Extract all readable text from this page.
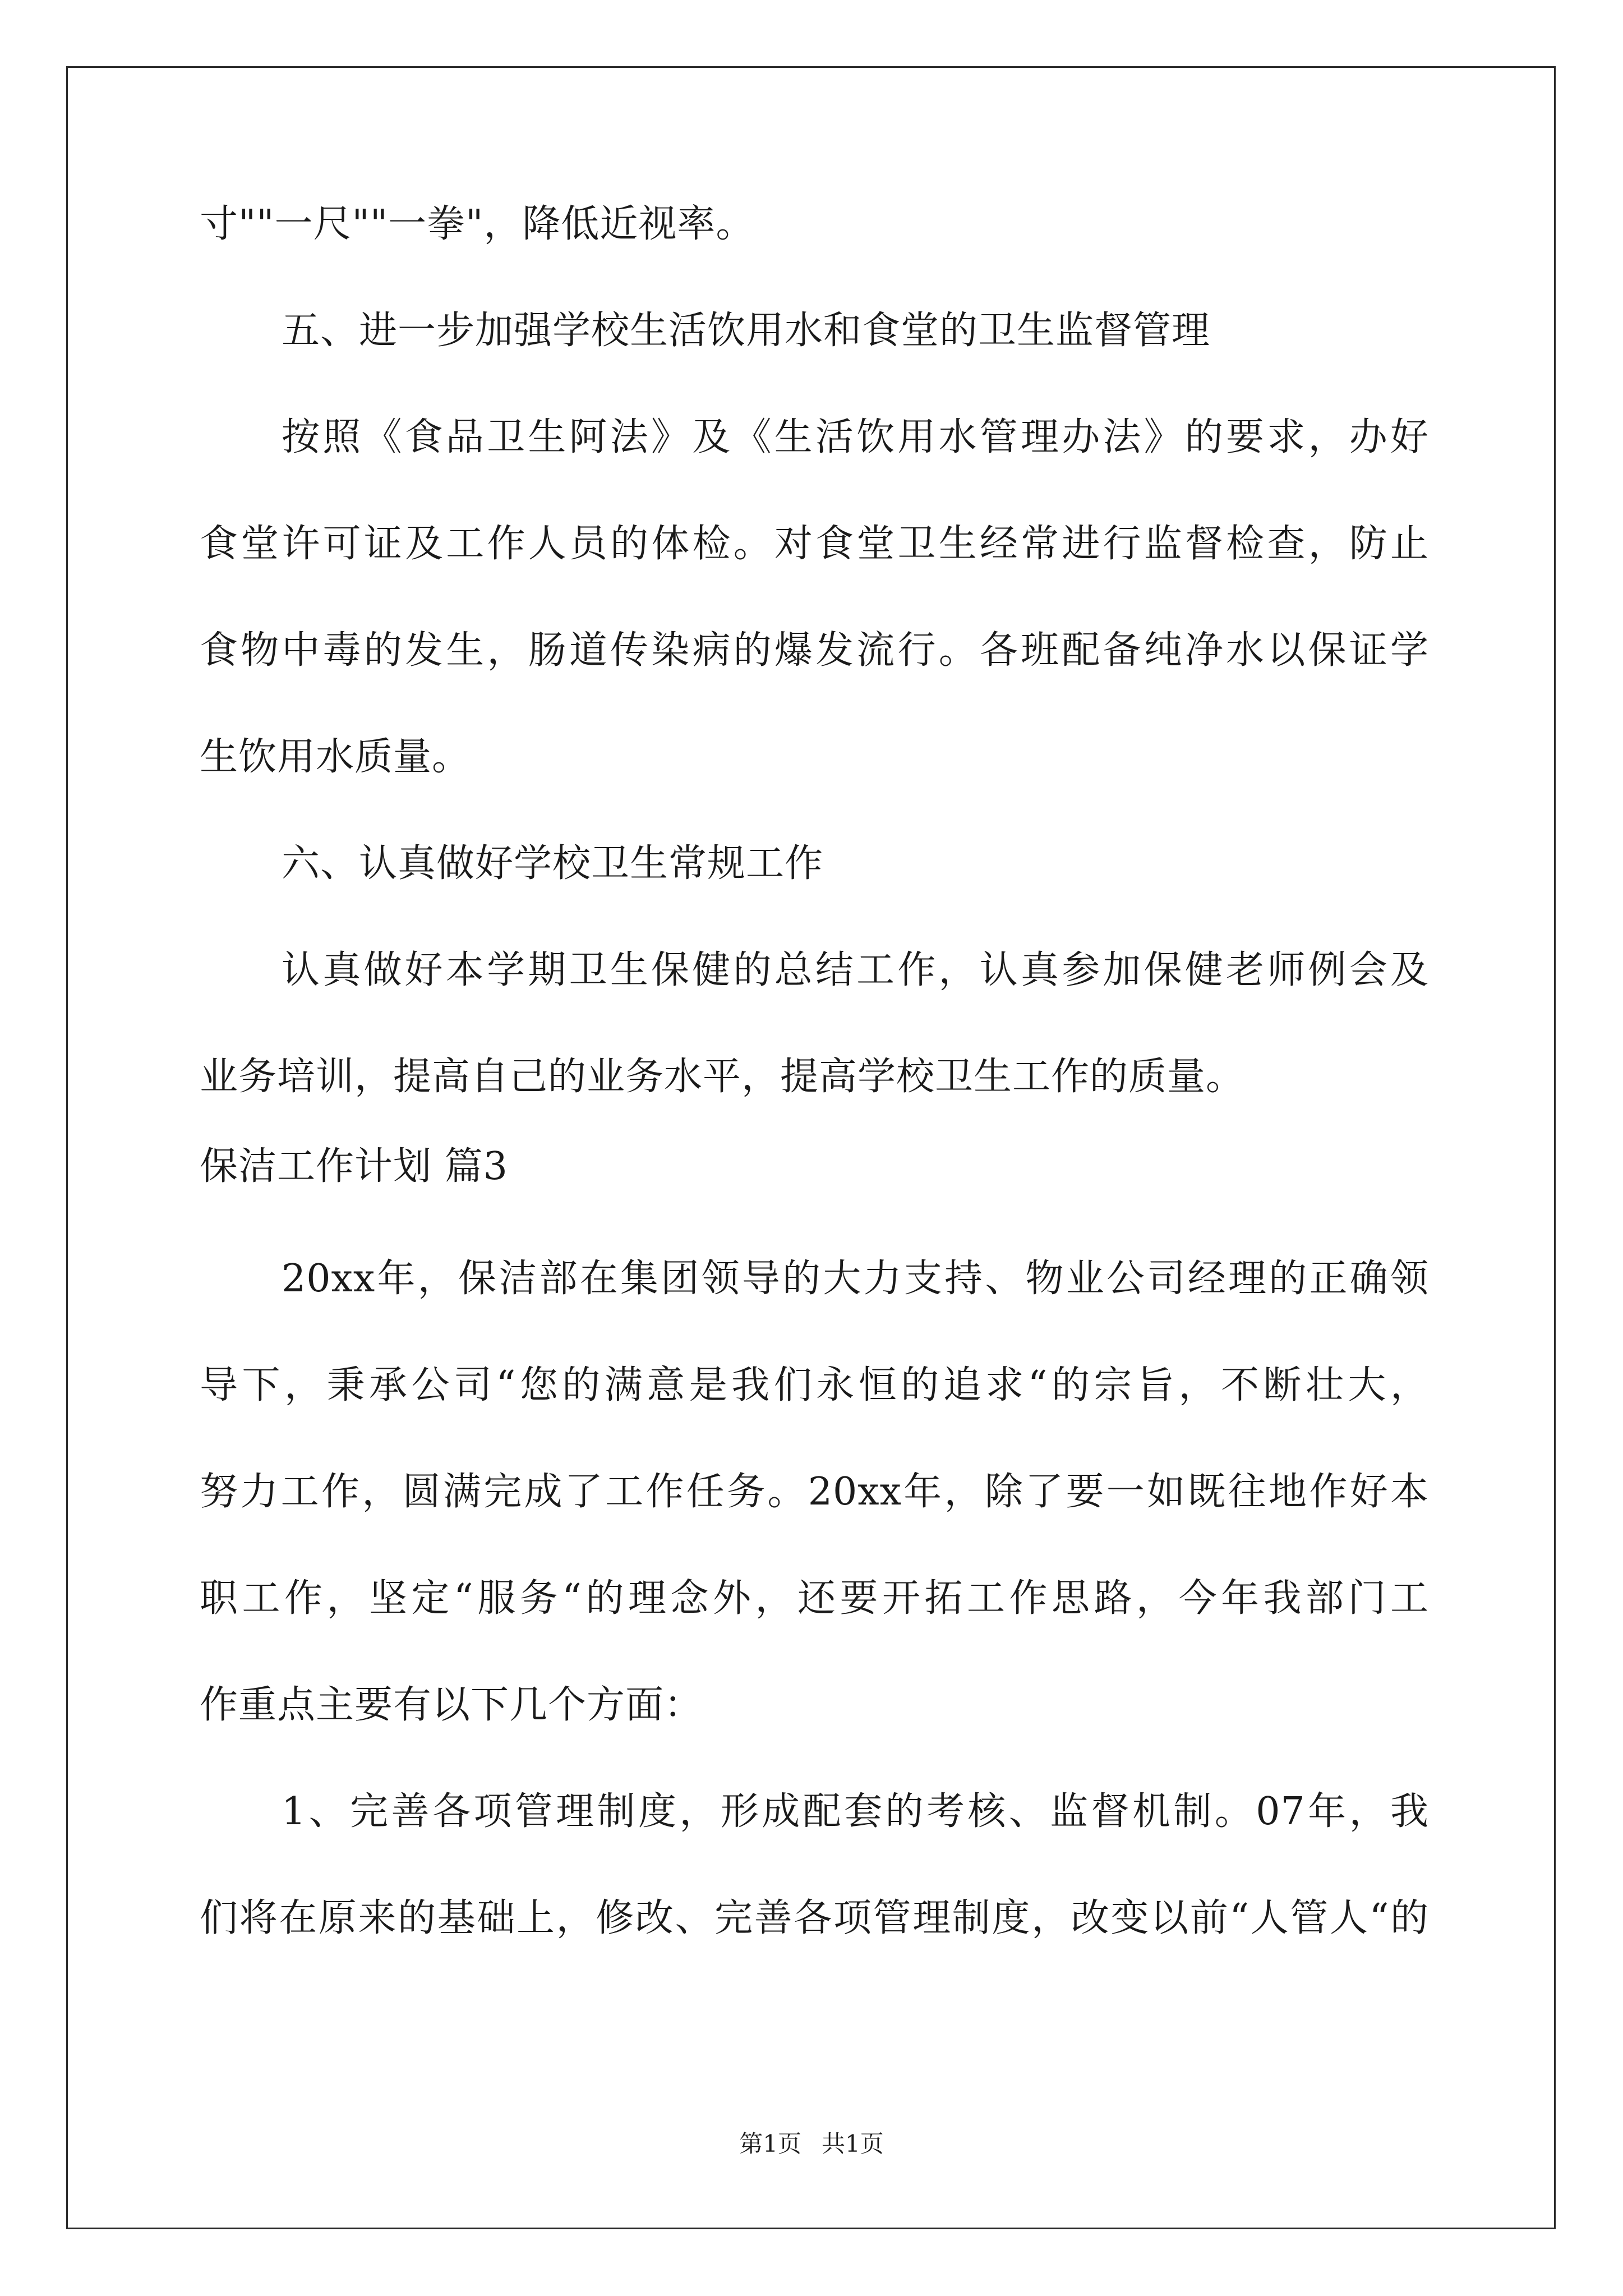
寸""一尺""一拳"，降低近视率。
五、进一步加强学校生活饮用水和食堂的卫生监督管理
按照《食品卫生阿法》及《生活饮用水管理办法》的要求，办好
食堂许可证及工作人员的体检。对食堂卫生经常进行监督检查，防止
食物中毒的发生，肠道传染病的爆发流行。各班配备纯净水以保证学
生饮用水质量。
六、认真做好学校卫生常规工作
认真做好本学期卫生保健的总结工作，认真参加保健老师例会及
业务培训，提高自己的业务水平，提高学校卫生工作的质量。
保洁工作计划 篇3
20xx年，保洁部在集团领导的大力支持、物业公司经理的正确领
导下，秉承公司“您的满意是我们永恒的追求“的宗旨，不断壮大，
努力工作，圆满完成了工作任务。20xx年，除了要一如既往地作好本
职工作，坚定“服务“的理念外，还要开拓工作思路，今年我部门工
作重点主要有以下几个方面：
1、完善各项管理制度，形成配套的考核、监督机制。07年，我
们将在原来的基础上，修改、完善各项管理制度，改变以前“人管人“的
第1页 共1页
